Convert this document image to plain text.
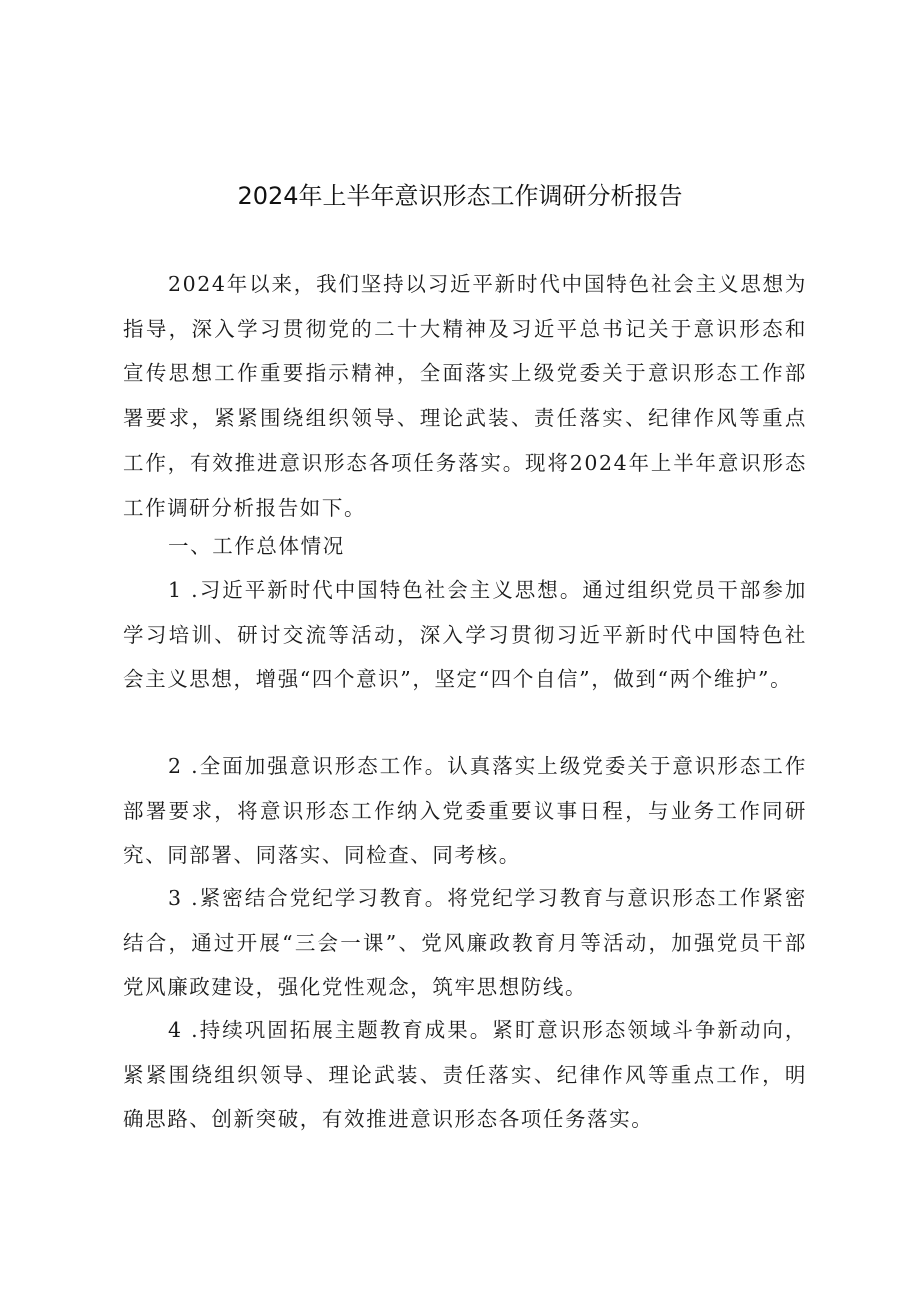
2024年上半年意识形态工作调研分析报告
2024年以来，我们坚持以习近平新时代中国特色社会主义思想为指导，深入学习贯彻党的二十大精神及习近平总书记关于意识形态和宣传思想工作重要指示精神，全面落实上级党委关于意识形态工作部署要求，紧紧围绕组织领导、理论武装、责任落实、纪律作风等重点工作，有效推进意识形态各项任务落实。现将2024年上半年意识形态工作调研分析报告如下。
一、工作总体情况
1 .习近平新时代中国特色社会主义思想。通过组织党员干部参加学习培训、研讨交流等活动，深入学习贯彻习近平新时代中国特色社会主义思想，增强“四个意识”，坚定“四个自信”，做到“两个维护”。
2 .全面加强意识形态工作。认真落实上级党委关于意识形态工作部署要求，将意识形态工作纳入党委重要议事日程，与业务工作同研究、同部署、同落实、同检查、同考核。
3 .紧密结合党纪学习教育。将党纪学习教育与意识形态工作紧密结合，通过开展“三会一课”、党风廉政教育月等活动，加强党员干部党风廉政建设，强化党性观念，筑牢思想防线。
4 .持续巩固拓展主题教育成果。紧盯意识形态领域斗争新动向，紧紧围绕组织领导、理论武装、责任落实、纪律作风等重点工作，明确思路、创新突破，有效推进意识形态各项任务落实。
